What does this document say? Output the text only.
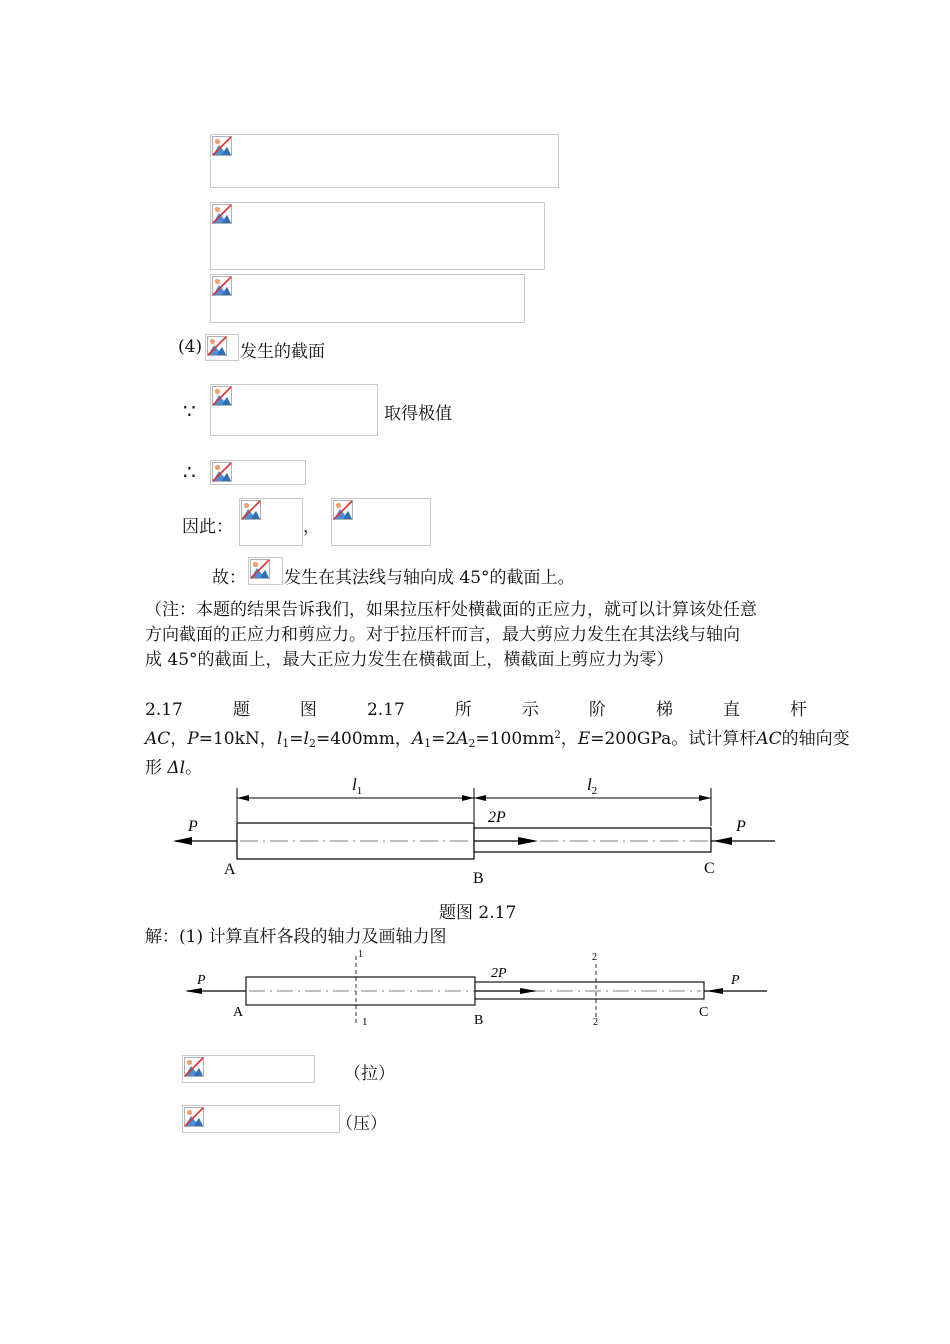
(4) 发生的截面
∵	取得极值
∴
因此：	，
故： 发生在其法线与轴向成 45°的截面上。
（注：本题的结果告诉我们，如果拉压杆处横截面的正应力，就可以计算该处任意
方向截面的正应力和剪应力。对于拉压杆而言，最大剪应力发生在其法线与轴向
成 45°的截面上，最大正应力发生在横截面上，横截面上剪应力为零）
2.17	题	图	2.17	所	示	阶	梯	直	杆
AC，P=10kN，$l_1=l_2=400mm$，$A_1=2A_2=100mm^2$，E=200GPa。试计算杆AC的轴向变
形 Δl。
$l_1$	$l_2$
P
2P
P
A
B
C
题图 2.17
解：(1) 计算直杆各段的轴力及画轴力图
1
1
2
2
P	2P	P
A
B
C
（拉）
（压）
